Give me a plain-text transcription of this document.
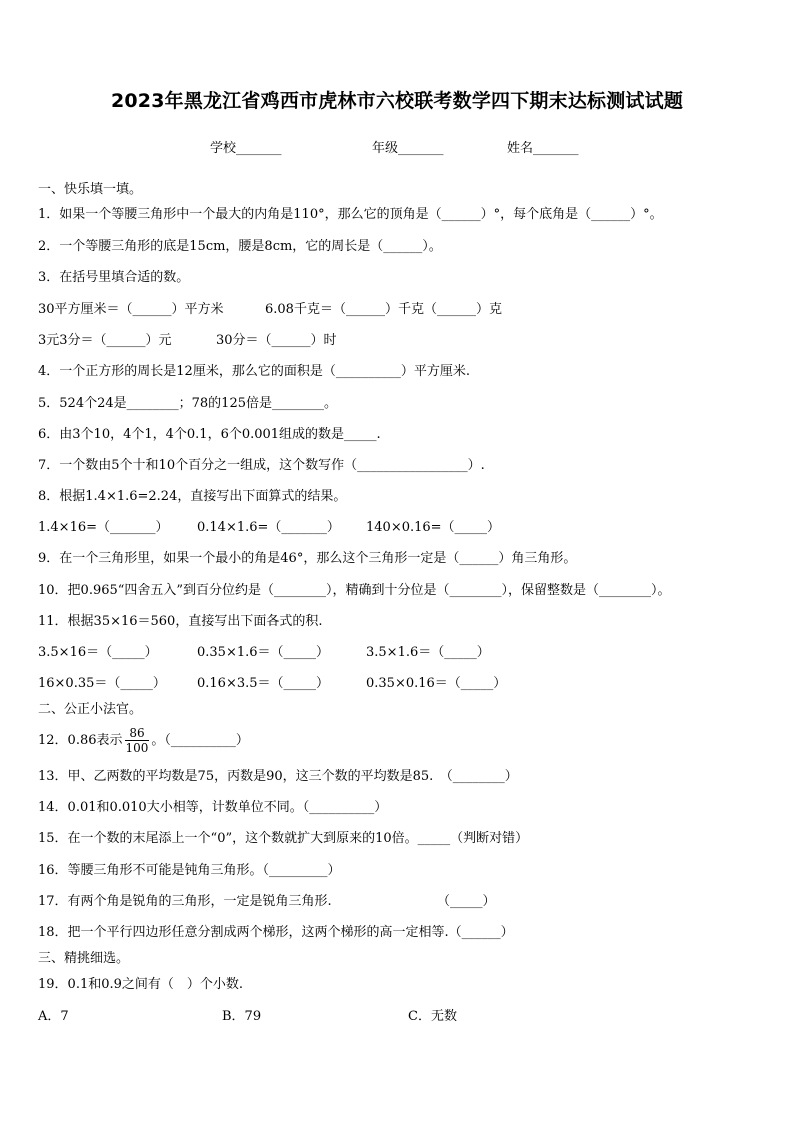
2023年黑龙江省鸡西市虎林市六校联考数学四下期末达标测试试题
学校_______	年级_______	姓名_______
一、快乐填一填。
1．如果一个等腰三角形中一个最大的内角是110°，那么它的顶角是（______）°，每个底角是（______）°。
2．一个等腰三角形的底是15cm，腰是8cm，它的周长是（______）。
3．在括号里填合适的数。
30平方厘米＝（______）平方米	6.08千克＝（______）千克（______）克
3元3分＝（______）元	30分＝（______）时
4．一个正方形的周长是12厘米，那么它的面积是（__________）平方厘米.
5．524个24是________；78的125倍是________。
6．由3个10，4个1，4个0.1，6个0.001组成的数是_____.
7．一个数由5个十和10个百分之一组成，这个数写作（_________________）.
8．根据1.4×1.6=2.24，直接写出下面算式的结果。
1.4×16=（_______） 0.14×1.6=（_______） 140×0.16=（_____）
9．在一个三角形里，如果一个最小的角是46°，那么这个三角形一定是（______）角三角形。
10．把0.965“四舍五入”到百分位约是（________），精确到十分位是（________），保留整数是（________）。
11．根据35×16＝560，直接写出下面各式的积.
3.5×16＝（_____）	0.35×1.6＝（_____）	3.5×1.6＝（_____）
16×0.35＝（_____） 0.16×3.5＝（_____）	0.35×0.16＝（_____）
二、公正小法官。
12．0.86表示 $\frac{86}{100}$ 。（__________）
13．甲、乙两数的平均数是75，丙数是90，这三个数的平均数是85.　（________）
14．0.01和0.010大小相等，计数单位不同。（__________）
15．在一个数的末尾添上一个“0”，这个数就扩大到原来的10倍。_____（判断对错）
16．等腰三角形不可能是钝角三角形。（_________）
17．有两个角是锐角的三角形，一定是锐角三角形.	（_____）
18．把一个平行四边形任意分割成两个梯形，这两个梯形的高一定相等.（______）
三、精挑细选。
19．0.1和0.9之间有（　）个小数.
A．7	B．79	C．无数
